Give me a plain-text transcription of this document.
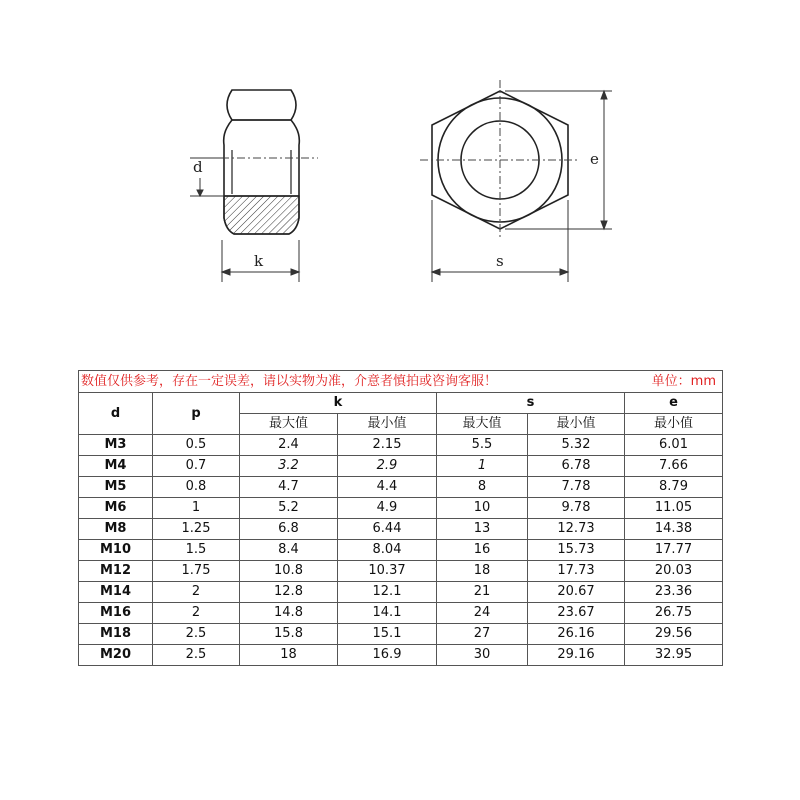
d
k	s
e
数值仅供参考，存在一定误差，请以实物为准，介意者慎拍或咨询客服！ 单位：mm						

d	p	k		s		e
		最大值	最小值	最大值	最小值	最小值
M3	0.5	2.4	2.15	5.5	5.32	6.01
M4	0.7	3.2	2.9	1	6.78	7.66
M5	0.8	4.7	4.4	8	7.78	8.79
M6	1	5.2	4.9	10	9.78	11.05
M8	1.25	6.8	6.44	13	12.73	14.38
M10	1.5	8.4	8.04	16	15.73	17.77
M12	1.75	10.8	10.37	18	17.73	20.03
M14	2	12.8	12.1	21	20.67	23.36
M16	2	14.8	14.1	24	23.67	26.75
M18	2.5	15.8	15.1	27	26.16	29.56
M20	2.5	18	16.9	30	29.16	32.95
